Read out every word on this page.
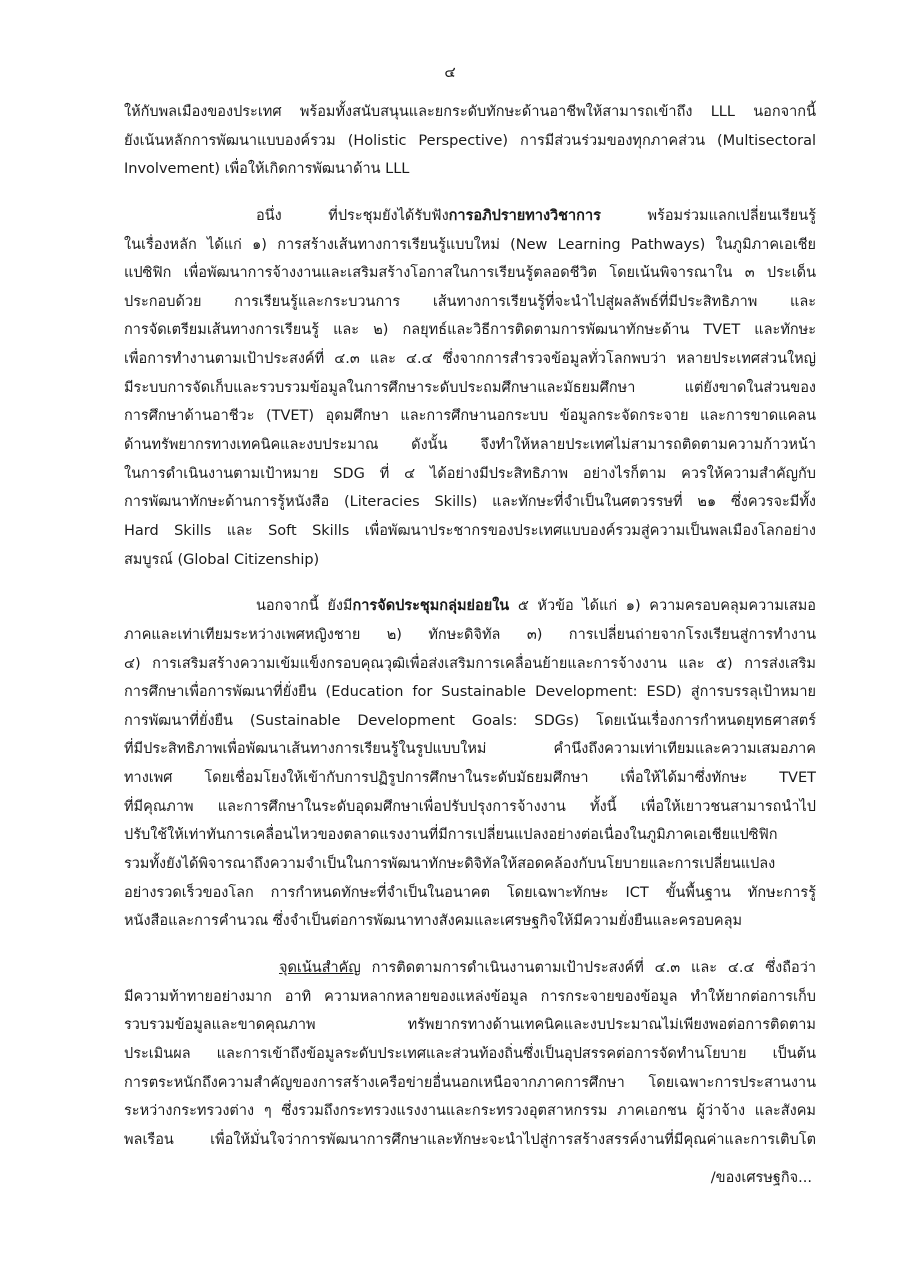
๔
ให้กับพลเมืองของประเทศ พร้อมทั้งสนับสนุนและยกระดับทักษะด้านอาชีพให้สามารถเข้าถึง LLL นอกจากนี้
ยังเน้นหลักการพัฒนาแบบองค์รวม (Holistic Perspective) การมีส่วนร่วมของทุกภาคส่วน (Multisectoral
Involvement) เพื่อให้เกิดการพัฒนาด้าน LLL
อนึ่ง ที่ประชุมยังได้รับฟังการอภิปรายทางวิชาการ พร้อมร่วมแลกเปลี่ยนเรียนรู้
ในเรื่องหลัก ได้แก่ ๑) การสร้างเส้นทางการเรียนรู้แบบใหม่ (New Learning Pathways) ในภูมิภาคเอเชีย
แปซิฟิก เพื่อพัฒนาการจ้างงานและเสริมสร้างโอกาสในการเรียนรู้ตลอดชีวิต โดยเน้นพิจารณาใน ๓ ประเด็น
ประกอบด้วย การเรียนรู้และกระบวนการ เส้นทางการเรียนรู้ที่จะนำไปสู่ผลลัพธ์ที่มีประสิทธิภาพ และ
การจัดเตรียมเส้นทางการเรียนรู้ และ ๒) กลยุทธ์และวิธีการติดตามการพัฒนาทักษะด้าน TVET และทักษะ
เพื่อการทำงานตามเป้าประสงค์ที่ ๔.๓ และ ๔.๔ ซึ่งจากการสำรวจข้อมูลทั่วโลกพบว่า หลายประเทศส่วนใหญ่
มีระบบการจัดเก็บและรวบรวมข้อมูลในการศึกษาระดับประถมศึกษาและมัธยมศึกษา แต่ยังขาดในส่วนของ
การศึกษาด้านอาชีวะ (TVET) อุดมศึกษา และการศึกษานอกระบบ ข้อมูลกระจัดกระจาย และการขาดแคลน
ด้านทรัพยากรทางเทคนิคและงบประมาณ ดังนั้น จึงทำให้หลายประเทศไม่สามารถติดตามความก้าวหน้า
ในการดำเนินงานตามเป้าหมาย SDG ที่ ๔ ได้อย่างมีประสิทธิภาพ อย่างไรก็ตาม ควรให้ความสำคัญกับ
การพัฒนาทักษะด้านการรู้หนังสือ (Literacies Skills) และทักษะที่จำเป็นในศตวรรษที่ ๒๑ ซึ่งควรจะมีทั้ง
Hard Skills และ Soft Skills เพื่อพัฒนาประชากรของประเทศแบบองค์รวมสู่ความเป็นพลเมืองโลกอย่าง
สมบูรณ์ (Global Citizenship)
นอกจากนี้ ยังมีการจัดประชุมกลุ่มย่อยใน ๕ หัวข้อ ได้แก่ ๑) ความครอบคลุมความเสมอ
ภาคและเท่าเทียมระหว่างเพศหญิงชาย ๒) ทักษะดิจิทัล ๓) การเปลี่ยนถ่ายจากโรงเรียนสู่การทำงาน
๔) การเสริมสร้างความเข้มแข็งกรอบคุณวุฒิเพื่อส่งเสริมการเคลื่อนย้ายและการจ้างงาน และ ๕) การส่งเสริม
การศึกษาเพื่อการพัฒนาที่ยั่งยืน (Education for Sustainable Development: ESD) สู่การบรรลุเป้าหมาย
การพัฒนาที่ยั่งยืน (Sustainable Development Goals: SDGs) โดยเน้นเรื่องการกำหนดยุทธศาสตร์
ที่มีประสิทธิภาพเพื่อพัฒนาเส้นทางการเรียนรู้ในรูปแบบใหม่ คำนึงถึงความเท่าเทียมและความเสมอภาค
ทางเพศ โดยเชื่อมโยงให้เข้ากับการปฏิรูปการศึกษาในระดับมัธยมศึกษา เพื่อให้ได้มาซึ่งทักษะ TVET
ที่มีคุณภาพ และการศึกษาในระดับอุดมศึกษาเพื่อปรับปรุงการจ้างงาน ทั้งนี้ เพื่อให้เยาวชนสามารถนำไป
ปรับใช้ให้เท่าทันการเคลื่อนไหวของตลาดแรงงานที่มีการเปลี่ยนแปลงอย่างต่อเนื่องในภูมิภาคเอเชียแปซิฟิก
รวมทั้งยังได้พิจารณาถึงความจำเป็นในการพัฒนาทักษะดิจิทัลให้สอดคล้องกับนโยบายและการเปลี่ยนแปลง
อย่างรวดเร็วของโลก การกำหนดทักษะที่จำเป็นในอนาคต โดยเฉพาะทักษะ ICT ขั้นพื้นฐาน ทักษะการรู้
หนังสือและการคำนวณ ซึ่งจำเป็นต่อการพัฒนาทางสังคมและเศรษฐกิจให้มีความยั่งยืนและครอบคลุม
จุดเน้นสำคัญ การติดตามการดำเนินงานตามเป้าประสงค์ที่ ๔.๓ และ ๔.๔ ซึ่งถือว่า
มีความท้าทายอย่างมาก อาทิ ความหลากหลายของแหล่งข้อมูล การกระจายของข้อมูล ทำให้ยากต่อการเก็บ
รวบรวมข้อมูลและขาดคุณภาพ ทรัพยากรทางด้านเทคนิคและงบประมาณไม่เพียงพอต่อการติดตาม
ประเมินผล และการเข้าถึงข้อมูลระดับประเทศและส่วนท้องถิ่นซึ่งเป็นอุปสรรคต่อการจัดทำนโยบาย เป็นต้น
การตระหนักถึงความสำคัญของการสร้างเครือข่ายอื่นนอกเหนือจากภาคการศึกษา โดยเฉพาะการประสานงาน
ระหว่างกระทรวงต่าง ๆ ซึ่งรวมถึงกระทรวงแรงงานและกระทรวงอุตสาหกรรม ภาคเอกชน ผู้ว่าจ้าง และสังคม
พลเรือน เพื่อให้มั่นใจว่าการพัฒนาการศึกษาและทักษะจะนำไปสู่การสร้างสรรค์งานที่มีคุณค่าและการเติบโต
/ของเศรษฐกิจ...
